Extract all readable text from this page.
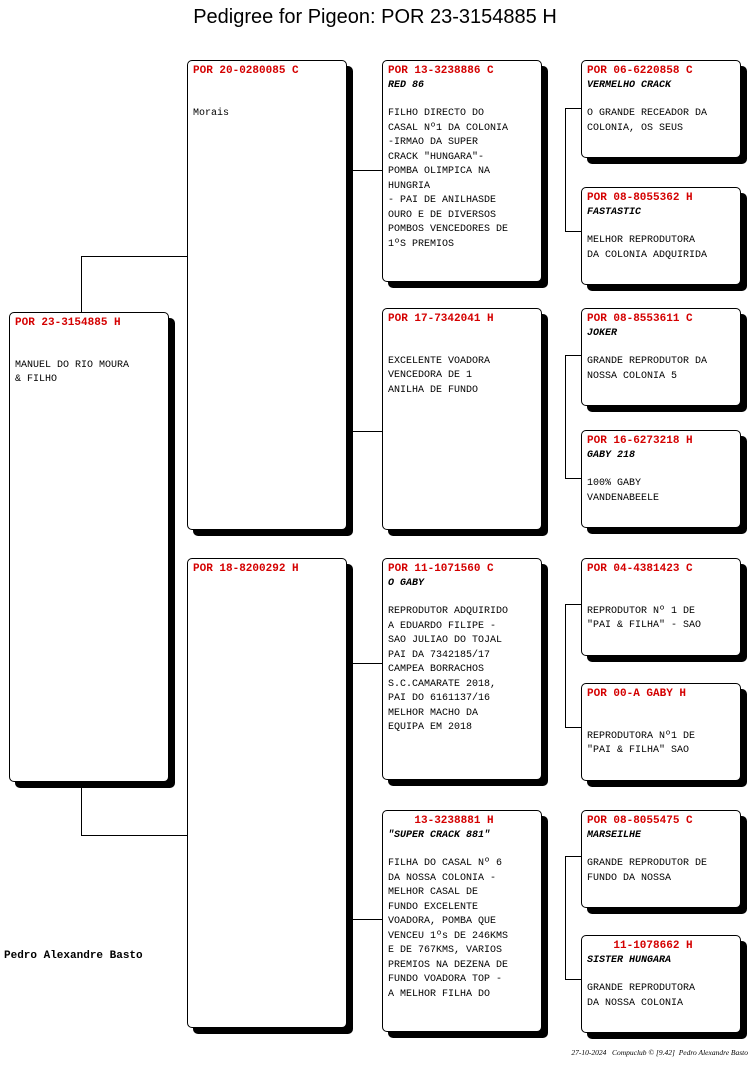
Pedigree for Pigeon: POR 23-3154885 H
POR 23-3154885 H
MANUEL DO RIO MOURA
& FILHO
POR 20-0280085 C
Morais
POR 18-8200292 H
POR 13-3238886 C
RED 86
FILHO DIRECTO DO
CASAL Nº1 DA COLONIA
-IRMAO DA SUPER
CRACK "HUNGARA"-
POMBA OLIMPICA NA
HUNGRIA
- PAI DE ANILHASDE
OURO E DE DIVERSOS
POMBOS VENCEDORES DE
1ºS PREMIOS
POR 17-7342041 H
EXCELENTE VOADORA
VENCEDORA DE 1
ANILHA DE FUNDO
POR 11-1071560 C
O GABY
REPRODUTOR ADQUIRIDO
A EDUARDO FILIPE -
SAO JULIAO DO TOJAL
PAI DA 7342185/17
CAMPEA BORRACHOS
S.C.CAMARATE 2018,
PAI DO 6161137/16
MELHOR MACHO DA
EQUIPA EM 2018
13-3238881 H
"SUPER CRACK 881"
FILHA DO CASAL Nº 6
DA NOSSA COLONIA -
MELHOR CASAL DE
FUNDO EXCELENTE
VOADORA, POMBA QUE
VENCEU 1ºs DE 246KMS
E DE 767KMS, VARIOS
PREMIOS NA DEZENA DE
FUNDO VOADORA TOP -
A MELHOR FILHA DO
POR 06-6220858 C
VERMELHO CRACK
O GRANDE RECEADOR DA
COLONIA, OS SEUS
POR 08-8055362 H
FASTASTIC
MELHOR REPRODUTORA
DA COLONIA ADQUIRIDA
POR 08-8553611 C
JOKER
GRANDE REPRODUTOR DA
NOSSA COLONIA 5
POR 16-6273218 H
GABY 218
100% GABY
VANDENABEELE
POR 04-4381423 C
REPRODUTOR Nº 1 DE
"PAI & FILHA" - SAO
POR 00-A GABY H
REPRODUTORA Nº1 DE
"PAI & FILHA" SAO
POR 08-8055475 C
MARSEILHE
GRANDE REPRODUTOR DE
FUNDO DA NOSSA
11-1078662 H
SISTER HUNGARA
GRANDE REPRODUTORA
DA NOSSA COLONIA
Pedro Alexandre Basto
27-10-2024   Compuclub © [9.42]  Pedro Alexandre Basto
